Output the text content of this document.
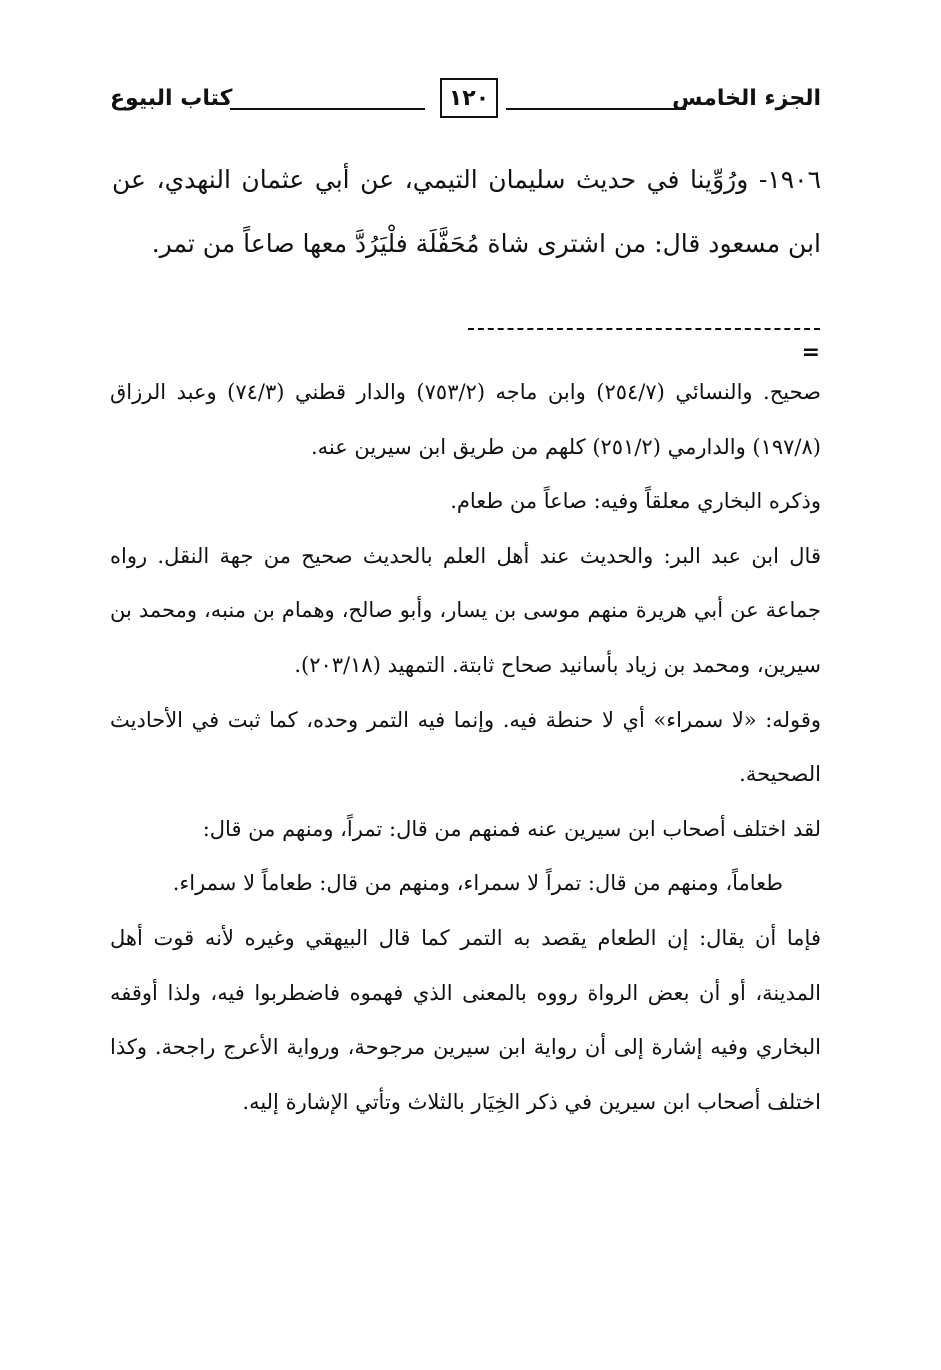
الجزء الخامس
١٢٠
كتاب البيوع
١٩٠٦- ورُوِّينا في حديث سليمان التيمي، عن أبي عثمان النهدي، عن ابن مسعود قال: من اشترى شاة مُحَفَّلَة فلْيَرُدَّ معها صاعاً من تمر.
=

صحيح. والنسائي (٢٥٤/٧) وابن ماجه (٧٥٣/٢) والدار قطني (٧٤/٣) وعبد الرزاق (١٩٧/٨) والدارمي (٢٥١/٢) كلهم من طريق ابن سيرين عنه.

وذكره البخاري معلقاً وفيه: صاعاً من طعام.

قال ابن عبد البر: والحديث عند أهل العلم بالحديث صحيح من جهة النقل. رواه جماعة عن أبي هريرة منهم موسى بن يسار، وأبو صالح، وهمام بن منبه، ومحمد بن سيرين، ومحمد بن زياد بأسانيد صحاح ثابتة. التمهيد (٢٠٣/١٨).

وقوله: «لا سمراء» أي لا حنطة فيه. وإنما فيه التمر وحده، كما ثبت في الأحاديث الصحيحة.

لقد اختلف أصحاب ابن سيرين عنه فمنهم من قال: تمراً، ومنهم من قال:
طعاماً، ومنهم من قال: تمراً لا سمراء، ومنهم من قال: طعاماً لا سمراء.

فإما أن يقال: إن الطعام يقصد به التمر كما قال البيهقي وغيره لأنه قوت أهل المدينة، أو أن بعض الرواة رووه بالمعنى الذي فهموه فاضطربوا فيه، ولذا أوقفه البخاري وفيه إشارة إلى أن رواية ابن سيرين مرجوحة، ورواية الأعرج راجحة. وكذا اختلف أصحاب ابن سيرين في ذكر الخِيَار بالثلاث وتأتي الإشارة إليه.
